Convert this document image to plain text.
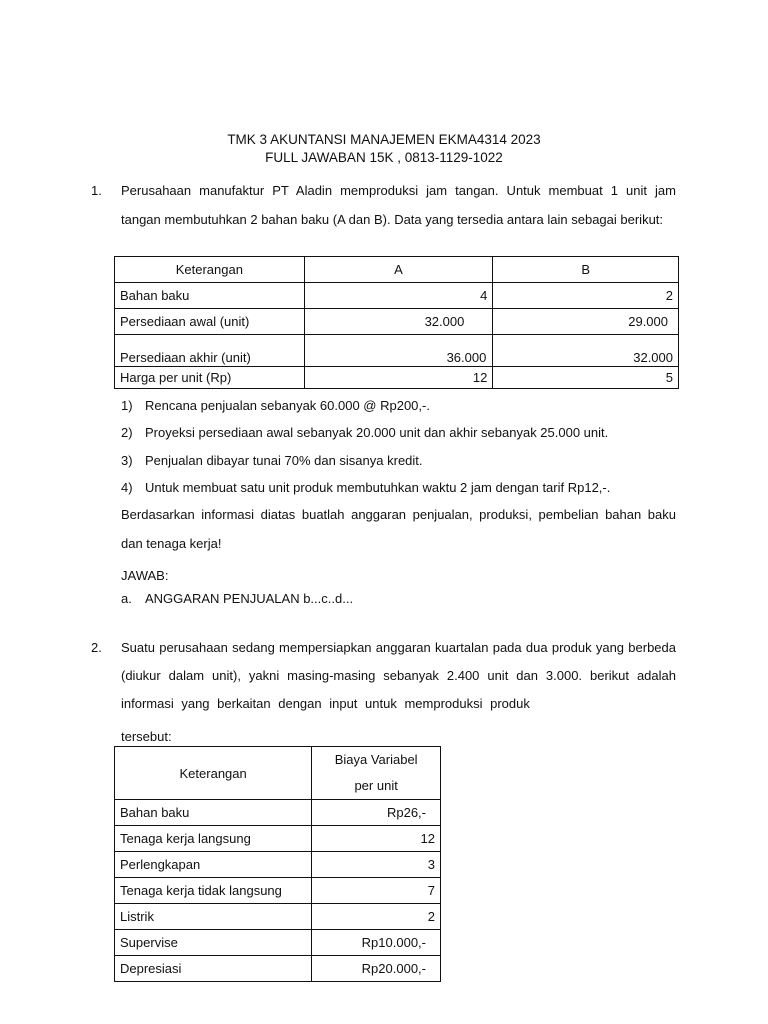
TMK 3 AKUNTANSI MANAJEMEN EKMA4314 2023
FULL JAWABAN 15K , 0813-1129-1022
1. Perusahaan manufaktur PT Aladin memproduksi jam tangan. Untuk membuat 1 unit jam
tangan membutuhkan 2 bahan baku (A dan B). Data yang tersedia antara lain sebagai berikut:
Keterangan	A	B
Bahan baku	4	2
Persediaan awal (unit)	32.000	29.000
Persediaan akhir (unit)	36.000	32.000
Harga per unit (Rp)	12	5
1) Rencana penjualan sebanyak 60.000 @ Rp200,-.
2) Proyeksi persediaan awal sebanyak 20.000 unit dan akhir sebanyak 25.000 unit.
3) Penjualan dibayar tunai 70% dan sisanya kredit.
4) Untuk membuat satu unit produk membutuhkan waktu 2 jam dengan tarif Rp12,-.
Berdasarkan informasi diatas buatlah anggaran penjualan, produksi, pembelian bahan baku
dan tenaga kerja!
JAWAB:
a. ANGGARAN PENJUALAN b...c..d...
2. Suatu perusahaan sedang mempersiapkan anggaran kuartalan pada dua produk yang berbeda
(diukur dalam unit), yakni masing-masing sebanyak 2.400 unit dan 3.000. berikut adalah
informasi yang berkaitan dengan input untuk memproduksi produk
tersebut:
Keterangan	Biaya Variabel
per unit

Bahan baku	Rp26,-
Tenaga kerja langsung	12
Perlengkapan	3
Tenaga kerja tidak langsung	7
Listrik	2
Supervise	Rp10.000,-
Depresiasi	Rp20.000,-
